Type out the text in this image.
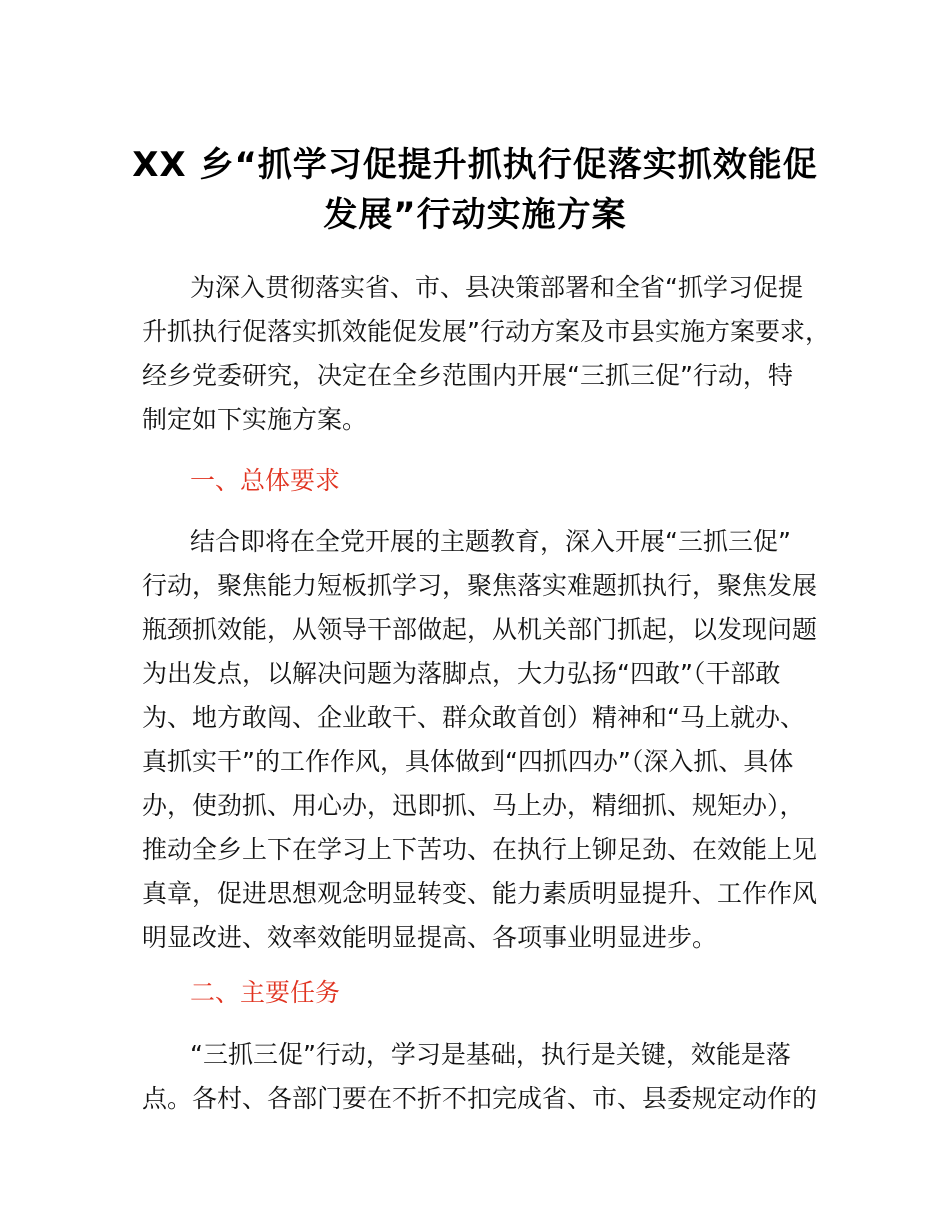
XX 乡“抓学习促提升抓执行促落实抓效能促
发展”行动实施方案
为深入贯彻落实省、市、县决策部署和全省“抓学习促提
升抓执行促落实抓效能促发展”行动方案及市县实施方案要求，
经乡党委研究，决定在全乡范围内开展“三抓三促”行动，特
制定如下实施方案。
一、总体要求
结合即将在全党开展的主题教育，深入开展“三抓三促”
行动，聚焦能力短板抓学习，聚焦落实难题抓执行，聚焦发展
瓶颈抓效能，从领导干部做起，从机关部门抓起，以发现问题
为出发点，以解决问题为落脚点，大力弘扬“四敢”（干部敢
为、地方敢闯、企业敢干、群众敢首创）精神和“马上就办、
真抓实干”的工作作风，具体做到“四抓四办”（深入抓、具体
办，使劲抓、用心办，迅即抓、马上办，精细抓、规矩办），
推动全乡上下在学习上下苦功、在执行上铆足劲、在效能上见
真章，促进思想观念明显转变、能力素质明显提升、工作作风
明显改进、效率效能明显提高、各项事业明显进步。
二、主要任务
“三抓三促”行动，学习是基础，执行是关键，效能是落
点。各村、各部门要在不折不扣完成省、市、县委规定动作的
